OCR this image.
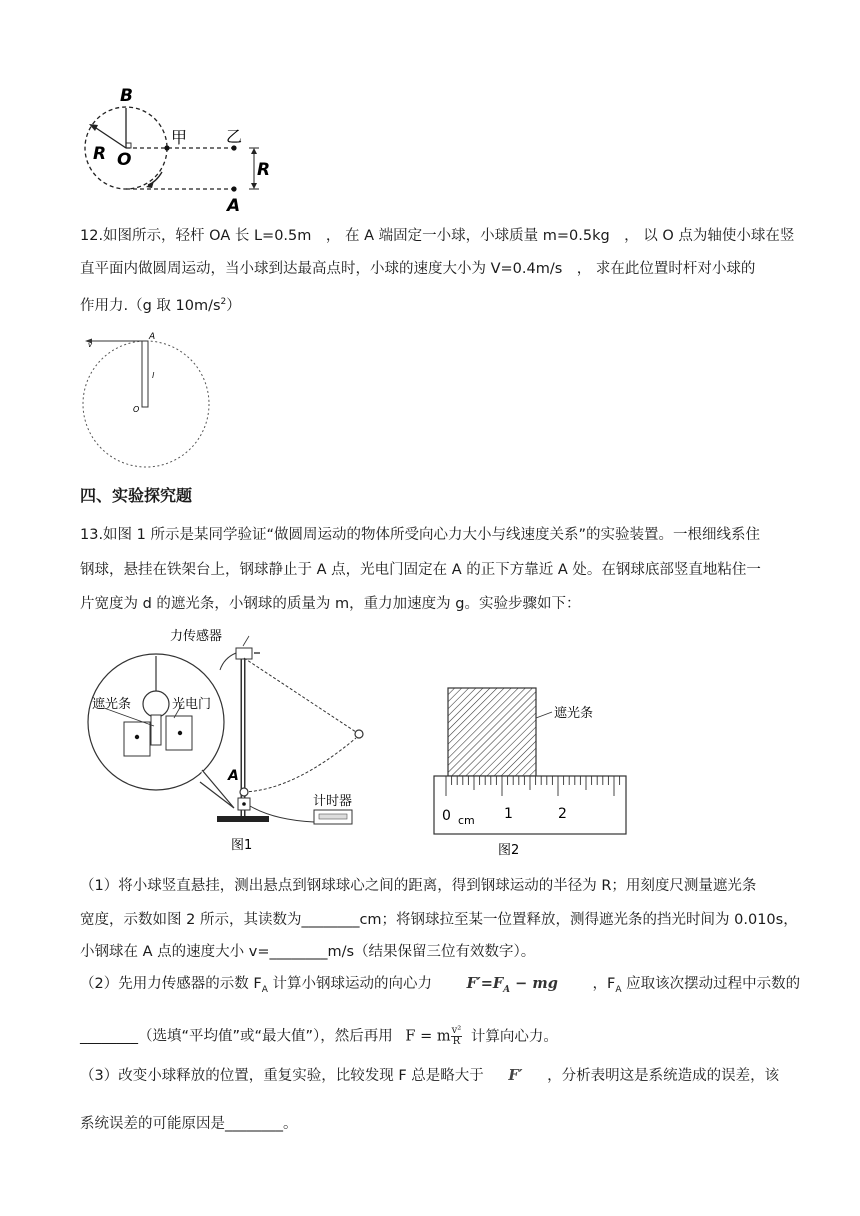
B
R O
甲 乙
R
A
12.如图所示，轻杆 OA 长 L=0.5m　， 在 A 端固定一小球，小球质量 m=0.5kg　， 以 O 点为轴使小球在竖
直平面内做圆周运动，当小球到达最高点时，小球的速度大小为 V=0.4m/s　， 求在此位置时杆对小球的
作用力.（g 取 $10m/s^2$）
v
A
l
O
四、实验探究题
13.如图 1 所示是某同学验证“做圆周运动的物体所受向心力大小与线速度关系”的实验装置。一根细线系住
钢球，悬挂在铁架台上，钢球静止于 A 点，光电门固定在 A 的正下方靠近 A 处。在钢球底部竖直地粘住一
片宽度为 d 的遮光条，小钢球的质量为 m，重力加速度为 g。实验步骤如下：
力传感器
遮光条	光电门
A
计时器
图1
遮光条
0 cm 1	2
图2
（1）将小球竖直悬挂，测出悬点到钢球球心之间的距离，得到钢球运动的半径为 R；用刻度尺测量遮光条
宽度，示数如图 2 所示，其读数为________cm；将钢球拉至某一位置释放，测得遮光条的挡光时间为 0.010s，
小钢球在 A 点的速度大小 v=________m/s（结果保留三位有效数字）。
（2）先用力传感器的示数 $F_A$ 计算小钢球运动的向心力 $F'=F_A$ − mg ，$F_A$ 应取该次摆动过程中示数的
________（选填“平均值”或“最大值”），然后再用 F = m $\frac{\text{v²}}{R}$ 计算向心力。
（3）改变小球释放的位置，重复实验，比较发现 F 总是略大于 F′ ，分析表明这是系统造成的误差，该
系统误差的可能原因是________。
